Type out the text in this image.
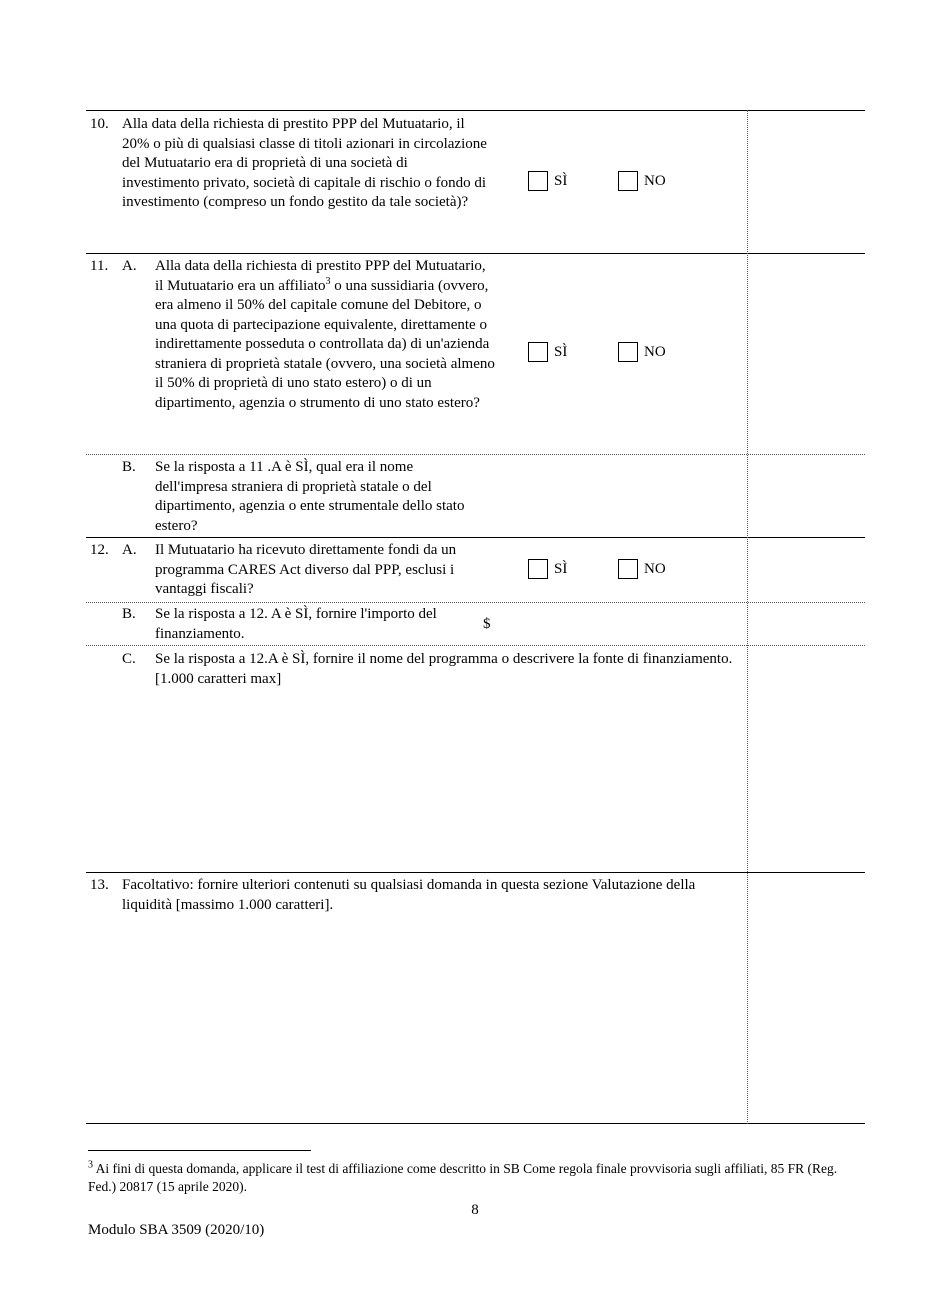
10. Alla data della richiesta di prestito PPP del Mutuatario, il 20% o più di qualsiasi classe di titoli azionari in circolazione del Mutuatario era di proprietà di una società di investimento privato, società di capitale di rischio o fondo di investimento (compreso un fondo gestito da tale società)?
SÌ	NO
11. A.	Alla data della richiesta di prestito PPP del Mutuatario, il Mutuatario era un affiliato$^3$ o una sussidiaria (ovvero, era almeno il 50% del capitale comune del Debitore, o una quota di partecipazione equivalente, direttamente o indirettamente posseduta o controllata da) di un'azienda straniera di proprietà statale (ovvero, una società almeno il 50% di proprietà di uno stato estero) o di un dipartimento, agenzia o strumento di uno stato estero?
SÌ	NO
B.	Se la risposta a 11 .A è SÌ, qual era il nome dell'impresa straniera di proprietà statale o del dipartimento, agenzia o ente strumentale dello stato estero?
12. A.	Il Mutuatario ha ricevuto direttamente fondi da un programma CARES Act diverso dal PPP, esclusi i vantaggi fiscali?
SÌ	NO
B.	Se la risposta a 12. A è SÌ, fornire l'importo del finanziamento.
$
C.	Se la risposta a 12.A è SÌ, fornire il nome del programma o descrivere la fonte di finanziamento. [1.000 caratteri max]
13. Facoltativo: fornire ulteriori contenuti su qualsiasi domanda in questa sezione Valutazione della liquidità [massimo 1.000 caratteri].
$^3$ Ai fini di questa domanda, applicare il test di affiliazione come descritto in SB Come regola finale provvisoria sugli affiliati, 85 FR (Reg. Fed.) 20817 (15 aprile 2020).
8
Modulo SBA 3509 (2020/10)
